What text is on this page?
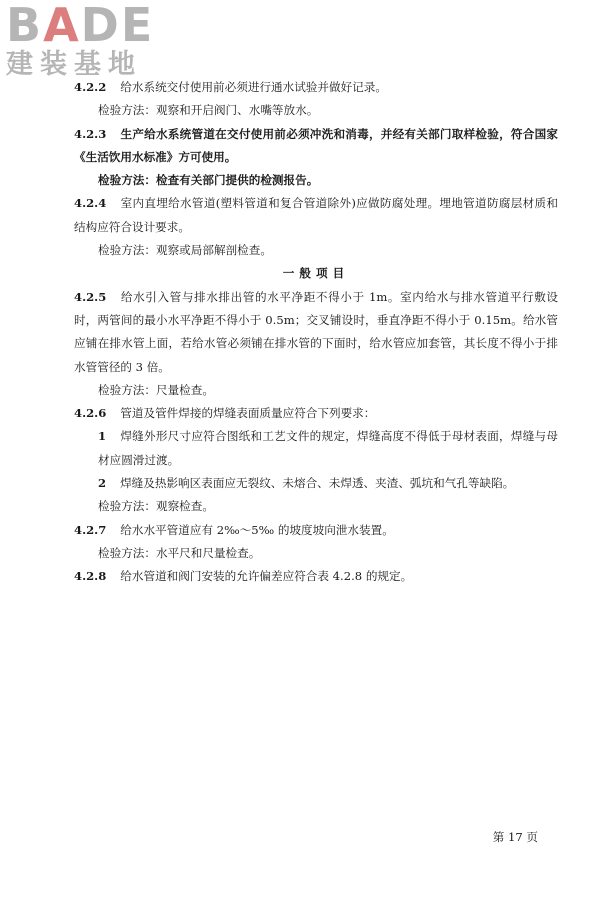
BADE
建装基地

4.2.2 给水系统交付使用前必须进行通水试验并做好记录。

检验方法：观察和开启阀门、水嘴等放水。

4.2.3 生产给水系统管道在交付使用前必须冲洗和消毒，并经有关部门取样检验，符合国家《生活饮用水标准》方可使用。

检验方法：检查有关部门提供的检测报告。

4.2.4 室内直埋给水管道(塑料管道和复合管道除外)应做防腐处理。埋地管道防腐层材质和结构应符合设计要求。

检验方法：观察或局部解剖检查。

一般项目

4.2.5 给水引入管与排水排出管的水平净距不得小于 1m。室内给水与排水管道平行敷设时，两管间的最小水平净距不得小于 0.5m；交叉铺设时，垂直净距不得小于 0.15m。给水管应铺在排水管上面，若给水管必须铺在排水管的下面时，给水管应加套管，其长度不得小于排水管管径的 3 倍。

检验方法：尺量检查。

4.2.6 管道及管件焊接的焊缝表面质量应符合下列要求：

1 焊缝外形尺寸应符合图纸和工艺文件的规定，焊缝高度不得低于母材表面，焊缝与母材应圆滑过渡。

2 焊缝及热影响区表面应无裂纹、未熔合、未焊透、夹渣、弧坑和气孔等缺陷。

检验方法：观察检查。

4.2.7 给水水平管道应有 2‰～5‰ 的坡度坡向泄水装置。

检验方法：水平尺和尺量检查。

4.2.8 给水管道和阀门安装的允许偏差应符合表 4.2.8 的规定。

第 17 页
